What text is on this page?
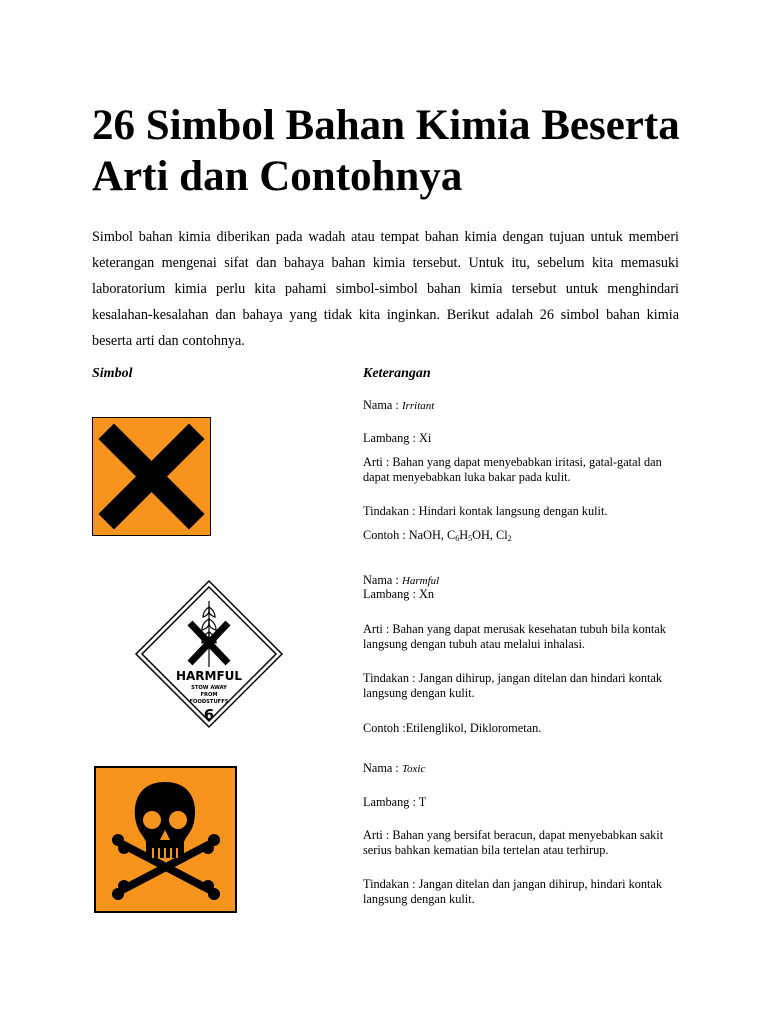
26 Simbol Bahan Kimia Beserta Arti dan Contohnya

Simbol bahan kimia diberikan pada wadah atau tempat bahan kimia dengan tujuan untuk memberi keterangan mengenai sifat dan bahaya bahan kimia tersebut. Untuk itu, sebelum kita memasuki laboratorium kimia perlu kita pahami simbol-simbol bahan kimia tersebut untuk menghindari kesalahan-kesalahan dan bahaya yang tidak kita inginkan. Berikut adalah 26 simbol bahan kimia beserta arti dan contohnya.

Simbol	Keterangan
Nama : Irritant
Lambang : Xi
Arti : Bahan yang dapat menyebabkan iritasi, gatal-gatal dan dapat menyebabkan luka bakar pada kulit.
Tindakan : Hindari kontak langsung dengan kulit.
Contoh : NaOH, $C_6H_5OH$, $Cl_2$
HARMFUL
STOW AWAY
FROM
FOODSTUFFS
6
Nama : Harmful
Lambang : Xn
Arti : Bahan yang dapat merusak kesehatan tubuh bila kontak langsung dengan tubuh atau melalui inhalasi.
Tindakan : Jangan dihirup, jangan ditelan dan hindari kontak langsung dengan kulit.
Contoh :Etilenglikol, Diklorometan.
Nama : Toxic
Lambang : T
Arti : Bahan yang bersifat beracun, dapat menyebabkan sakit serius bahkan kematian bila tertelan atau terhirup.
Tindakan : Jangan ditelan dan jangan dihirup, hindari kontak langsung dengan kulit.
